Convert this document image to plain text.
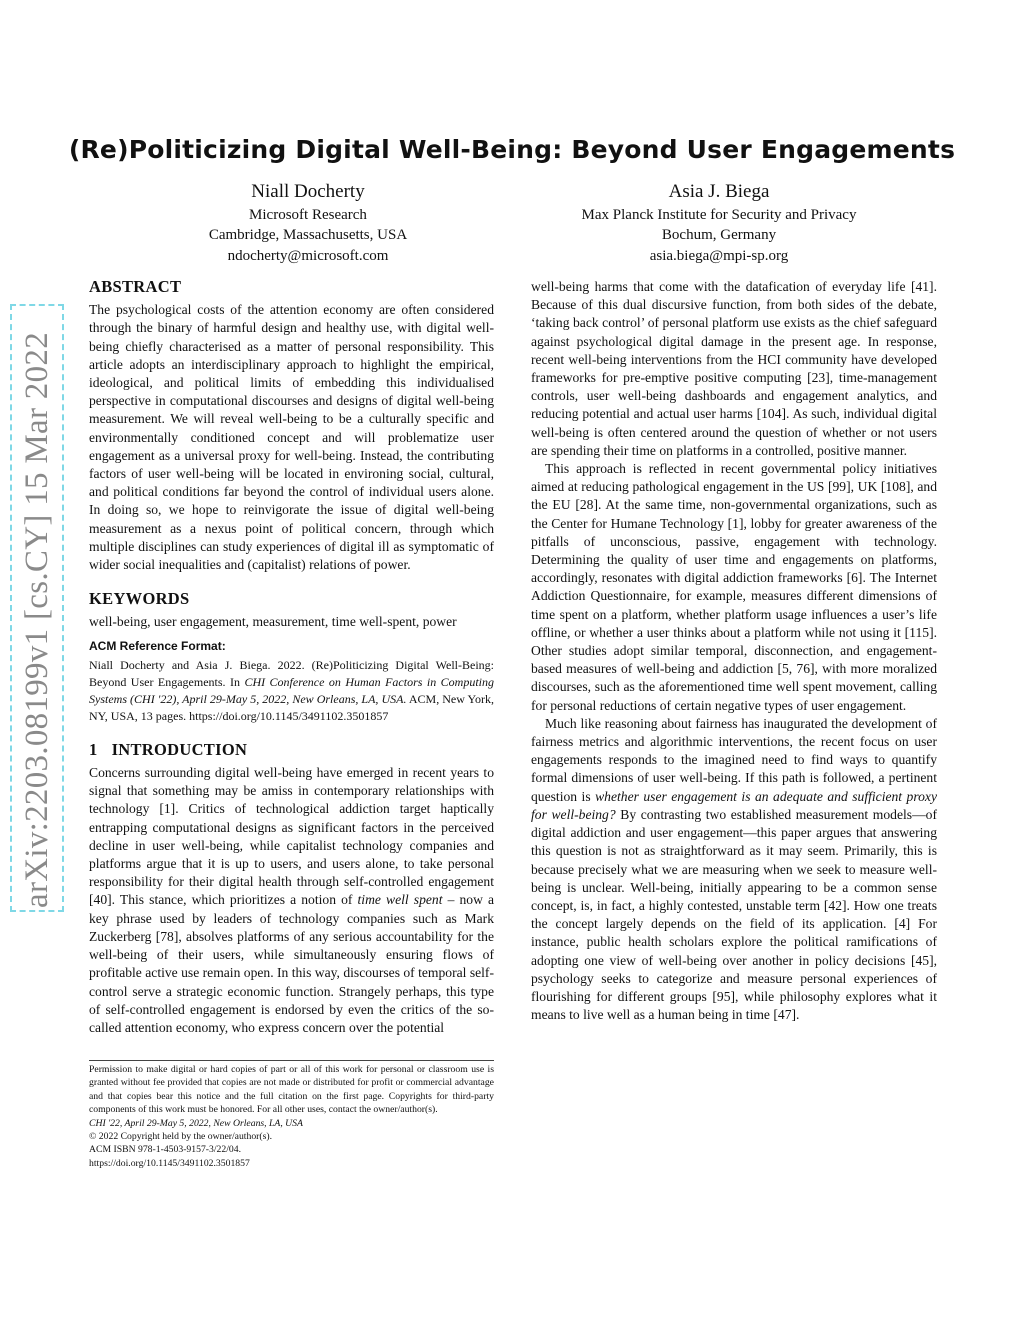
arXiv:2203.08199v1 [cs.CY] 15 Mar 2022
(Re)Politicizing Digital Well-Being: Beyond User Engagements
Niall Docherty
Microsoft Research
Cambridge, Massachusetts, USA
ndocherty@microsoft.com
Asia J. Biega
Max Planck Institute for Security and Privacy
Bochum, Germany
asia.biega@mpi-sp.org
ABSTRACT

The psychological costs of the attention economy are often considered through the binary of harmful design and healthy use, with digital well-being chiefly characterised as a matter of personal responsibility. This article adopts an interdisciplinary approach to highlight the empirical, ideological, and political limits of embedding this individualised perspective in computational discourses and designs of digital well-being measurement. We will reveal well-being to be a culturally specific and environmentally conditioned concept and will problematize user engagement as a universal proxy for well-being. Instead, the contributing factors of user well-being will be located in environing social, cultural, and political conditions far beyond the control of individual users alone. In doing so, we hope to reinvigorate the issue of digital well-being measurement as a nexus point of political concern, through which multiple disciplines can study experiences of digital ill as symptomatic of wider social inequalities and (capitalist) relations of power.

KEYWORDS

well-being, user engagement, measurement, time well-spent, power

ACM Reference Format:

Niall Docherty and Asia J. Biega. 2022. (Re)Politicizing Digital Well-Being: Beyond User Engagements. In CHI Conference on Human Factors in Computing Systems (CHI '22), April 29-May 5, 2022, New Orleans, LA, USA. ACM, New York, NY, USA, 13 pages. https://doi.org/10.1145/3491102.3501857

1 INTRODUCTION

Concerns surrounding digital well-being have emerged in recent years to signal that something may be amiss in contemporary relationships with technology [1]. Critics of technological addiction target haptically entrapping computational designs as significant factors in the perceived decline in user well-being, while capitalist technology companies and platforms argue that it is up to users, and users alone, to take personal responsibility for their digital health through self-controlled engagement [40]. This stance, which prioritizes a notion of time well spent – now a key phrase used by leaders of technology companies such as Mark Zuckerberg [78], absolves platforms of any serious accountability for the well-being of their users, while simultaneously ensuring flows of profitable active use remain open. In this way, discourses of temporal self-control serve a strategic economic function. Strangely perhaps, this type of self-controlled engagement is endorsed by even the critics of the so-called attention economy, who express concern over the potential

Permission to make digital or hard copies of part or all of this work for personal or classroom use is granted without fee provided that copies are not made or distributed for profit or commercial advantage and that copies bear this notice and the full citation on the first page. Copyrights for third-party components of this work must be honored. For all other uses, contact the owner/author(s).

CHI '22, April 29-May 5, 2022, New Orleans, LA, USA

© 2022 Copyright held by the owner/author(s).

ACM ISBN 978-1-4503-9157-3/22/04.

https://doi.org/10.1145/3491102.3501857

well-being harms that come with the datafication of everyday life [41]. Because of this dual discursive function, from both sides of the debate, ‘taking back control’ of personal platform use exists as the chief safeguard against psychological digital damage in the present age. In response, recent well-being interventions from the HCI community have developed frameworks for pre-emptive positive computing [23], time-management controls, user well-being dashboards and engagement analytics, and reducing potential and actual user harms [104]. As such, individual digital well-being is often centered around the question of whether or not users are spending their time on platforms in a controlled, positive manner.

This approach is reflected in recent governmental policy initiatives aimed at reducing pathological engagement in the US [99], UK [108], and the EU [28]. At the same time, non-governmental organizations, such as the Center for Humane Technology [1], lobby for greater awareness of the pitfalls of unconscious, passive, engagement with technology. Determining the quality of user time and engagements on platforms, accordingly, resonates with digital addiction frameworks [6]. The Internet Addiction Questionnaire, for example, measures different dimensions of time spent on a platform, whether platform usage influences a user’s life offline, or whether a user thinks about a platform while not using it [115]. Other studies adopt similar temporal, disconnection, and engagement-based measures of well-being and addiction [5, 76], with more moralized discourses, such as the aforementioned time well spent movement, calling for personal reductions of certain negative types of user engagement.

Much like reasoning about fairness has inaugurated the development of fairness metrics and algorithmic interventions, the recent focus on user engagements responds to the imagined need to find ways to quantify formal dimensions of user well-being. If this path is followed, a pertinent question is whether user engagement is an adequate and sufficient proxy for well-being? By contrasting two established measurement models—of digital addiction and user engagement—this paper argues that answering this question is not as straightforward as it may seem. Primarily, this is because precisely what we are measuring when we seek to measure well-being is unclear. Well-being, initially appearing to be a common sense concept, is, in fact, a highly contested, unstable term [42]. How one treats the concept largely depends on the field of its application. [4] For instance, public health scholars explore the political ramifications of adopting one view of well-being over another in policy decisions [45], psychology seeks to categorize and measure personal experiences of flourishing for different groups [95], while philosophy explores what it means to live well as a human being in time [47].
